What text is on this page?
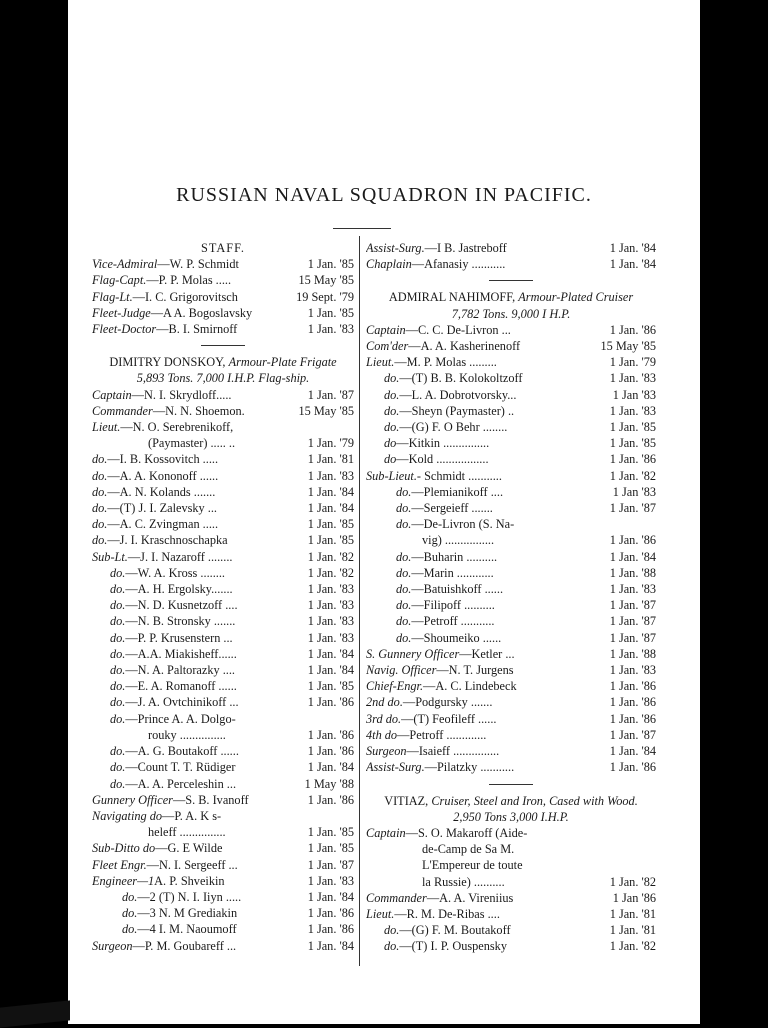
RUSSIAN NAVAL SQUADRON IN PACIFIC.
STAFF.
Vice-Admiral—W. P. Schmidt	1 Jan. '85
Flag-Capt.—P. P. Molas .....	15 May '85
Flag-Lt.—I. C. Grigorovitsch	19 Sept. '79
Fleet-Judge—A A. Bogoslavsky	1 Jan. '85
Fleet-Doctor—B. I. Smirnoff	1 Jan. '83
DIMITRY DONSKOY, Armour-Plate Frigate
5,893 Tons. 7,000 I.H.P. Flag-ship.
Captain—N. I. Skrydloff.....	1 Jan. '87
Commander—N. N. Shoemon.	15 May '85
Lieut.—N. O. Serebrenikoff,
(Paymaster) ..... ..	1 Jan. '79
do.—I. B. Kossovitch .....	1 Jan. '81
do.—A. A. Kononoff ......	1 Jan. '83
do.—A. N. Kolands .......	1 Jan. '84
do.—(T) J. I. Zalevsky ...	1 Jan. '84
do.—A. C. Zvingman .....	1 Jan. '85
do.—J. I. Kraschnoschapka	1 Jan. '85
Sub-Lt.—J. I. Nazaroff ........	1 Jan. '82
do.—W. A. Kross ........	1 Jan. '82
do.—A. H. Ergolsky.......	1 Jan. '83
do.—N. D. Kusnetzoff ....	1 Jan. '83
do.—N. B. Stronsky .......	1 Jan. '83
do.—P. P. Krusenstern ...	1 Jan. '83
do.—A.A. Miakisheff......	1 Jan. '84
do.—N. A. Paltorazky ....	1 Jan. '84
do.—E. A. Romanoff ......	1 Jan. '85
do.—J. A. Ovtchinikoff ...	1 Jan. '86
do.—Prince A. A. Dolgo-
rouky ...............	1 Jan. '86
do.—A. G. Boutakoff ......	1 Jan. '86
do.—Count T. T. Rüdiger	1 Jan. '84
do.—A. A. Perceleshin ...	1 May '88
Gunnery Officer—S. B. Ivanoff	1 Jan. '86
Navigating do—P. A. K s-
heleff ...............	1 Jan. '85
Sub-Ditto do—G. E Wilde	1 Jan. '85
Fleet Engr.—N. I. Sergeeff ...	1 Jan. '87
Engineer—1A. P. Shveikin	1 Jan. '83
do.—2 (T) N. I. Iiyn .....	1 Jan. '84
do.—3 N. M Grediakin	1 Jan. '86
do.—4 I. M. Naoumoff	1 Jan. '86
Surgeon—P. M. Goubareff ...	1 Jan. '84
Assist-Surg.—I B. Jastreboff	1 Jan. '84
Chaplain—Afanasiy ...........	1 Jan. '84
ADMIRAL NAHIMOFF, Armour-Plated Cruiser
7,782 Tons. 9,000 I H.P.
Captain—C. C. De-Livron ...	1 Jan. '86
Com'der—A. A. Kasherinenoff	15 May '85
Lieut.—M. P. Molas .........	1 Jan. '79
do.—(T) B. B. Kolokoltzoff	1 Jan. '83
do.—L. A. Dobrotvorsky...	1 Jan '83
do.—Sheyn (Paymaster) ..	1 Jan. '83
do.—(G) F. O Behr ........	1 Jan. '85
do—Kitkin ...............	1 Jan. '85
do—Kold .................	1 Jan. '86
Sub-Lieut.- Schmidt ...........	1 Jan. '82
do.—Plemianikoff ....	1 Jan '83
do.—Sergeieff .......	1 Jan. '87
do.—De-Livron (S. Na-
vig) ................	1 Jan. '86
do.—Buharin ..........	1 Jan. '84
do.—Marin ............	1 Jan. '88
do.—Batuishkoff ......	1 Jan. '83
do.—Filipoff ..........	1 Jan. '87
do.—Petroff ...........	1 Jan. '87
do.—Shoumeiko ......	1 Jan. '87
S. Gunnery Officer—Ketler ...	1 Jan. '88
Navig. Officer—N. T. Jurgens	1 Jan. '83
Chief-Engr.—A. C. Lindebeck	1 Jan. '86
2nd do.—Podgursky .......	1 Jan. '86
3rd do.—(T) Feofileff ......	1 Jan. '86
4th do—Petroff .............	1 Jan. '87
Surgeon—Isaieff ...............	1 Jan. '84
Assist-Surg.—Pilatzky ...........	1 Jan. '86
VITIAZ, Cruiser, Steel and Iron, Cased with Wood.
2,950 Tons 3,000 I.H.P.
Captain—S. O. Makaroff (Aide-
de-Camp de Sa M.
L'Empereur de toute
la Russie) ..........	1 Jan. '82
Commander—A. A. Vireniius	1 Jan '86
Lieut.—R. M. De-Ribas ....	1 Jan. '81
do.—(G) F. M. Boutakoff	1 Jan. '81
do.—(T) I. P. Ouspensky	1 Jan. '82
